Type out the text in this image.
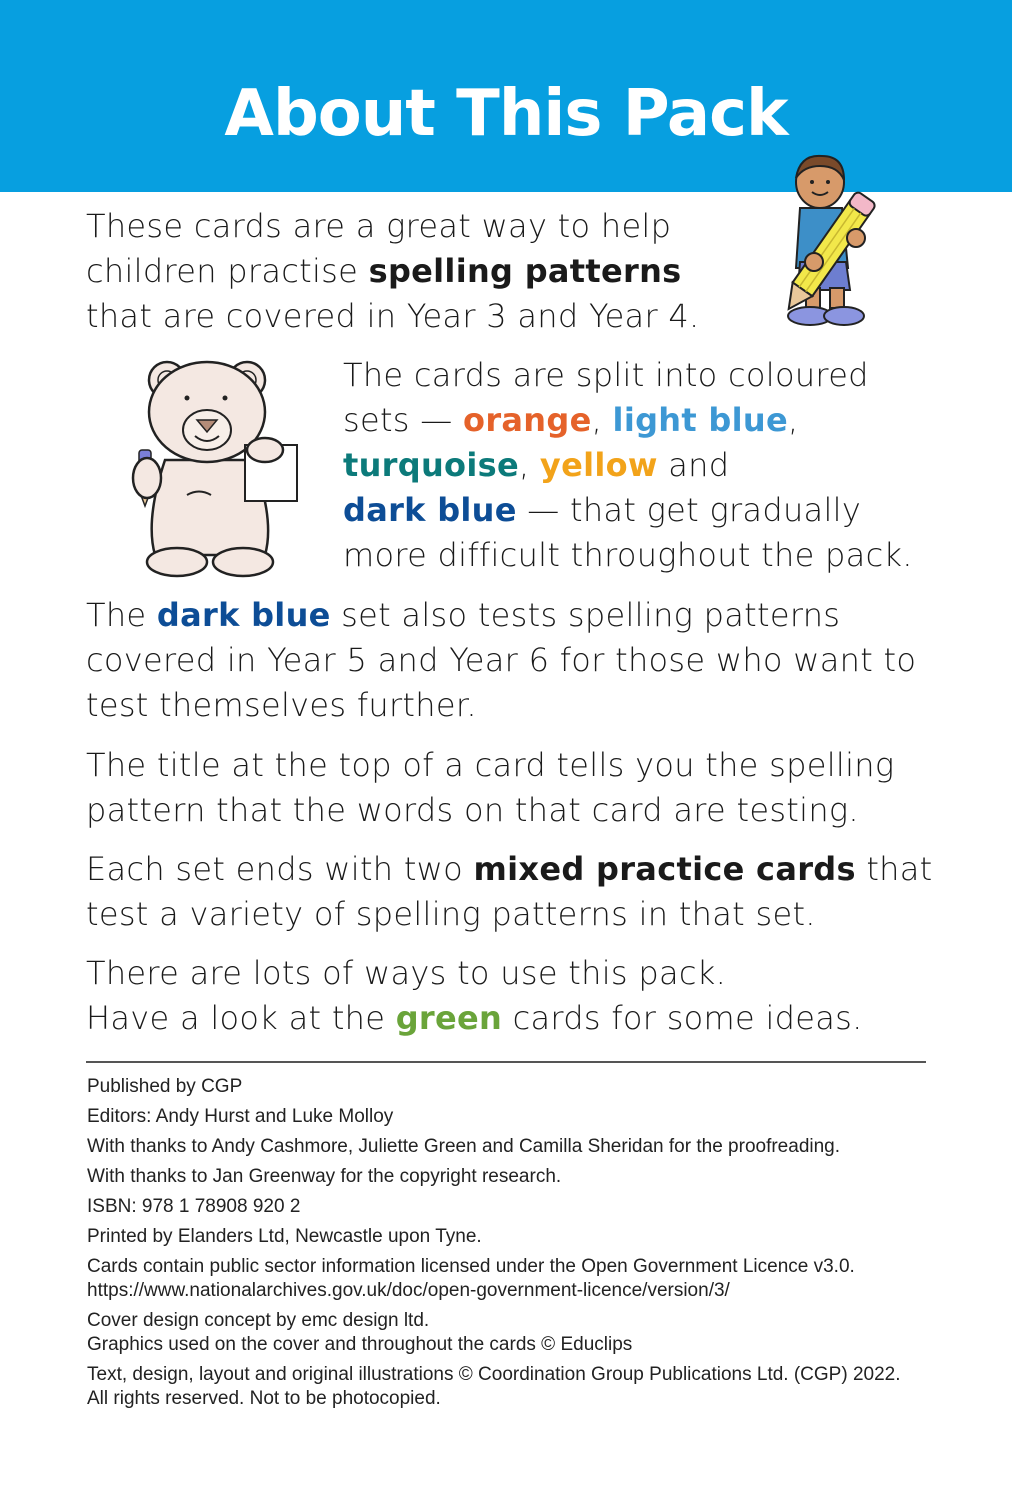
About This Pack
These cards are a great way to help
children practise spelling patterns
that are covered in Year 3 and Year 4.
The cards are split into coloured
sets — orange, light blue,
turquoise, yellow and
dark blue — that get gradually
more difficult throughout the pack.
The dark blue set also tests spelling patterns covered in Year 5 and Year 6 for those who want to test themselves further.
The title at the top of a card tells you the spelling pattern that the words on that card are testing.
Each set ends with two mixed practice cards that test a variety of spelling patterns in that set.
There are lots of ways to use this pack.
Have a look at the green cards for some ideas.
Published by CGP
Editors: Andy Hurst and Luke Molloy
With thanks to Andy Cashmore, Juliette Green and Camilla Sheridan for the proofreading.
With thanks to Jan Greenway for the copyright research.
ISBN: 978 1 78908 920 2
Printed by Elanders Ltd, Newcastle upon Tyne.
Cards contain public sector information licensed under the Open Government Licence v3.0.
https://www.nationalarchives.gov.uk/doc/open-government-licence/version/3/
Cover design concept by emc design ltd.
Graphics used on the cover and throughout the cards © Educlips
Text, design, layout and original illustrations © Coordination Group Publications Ltd. (CGP) 2022.
All rights reserved. Not to be photocopied.
